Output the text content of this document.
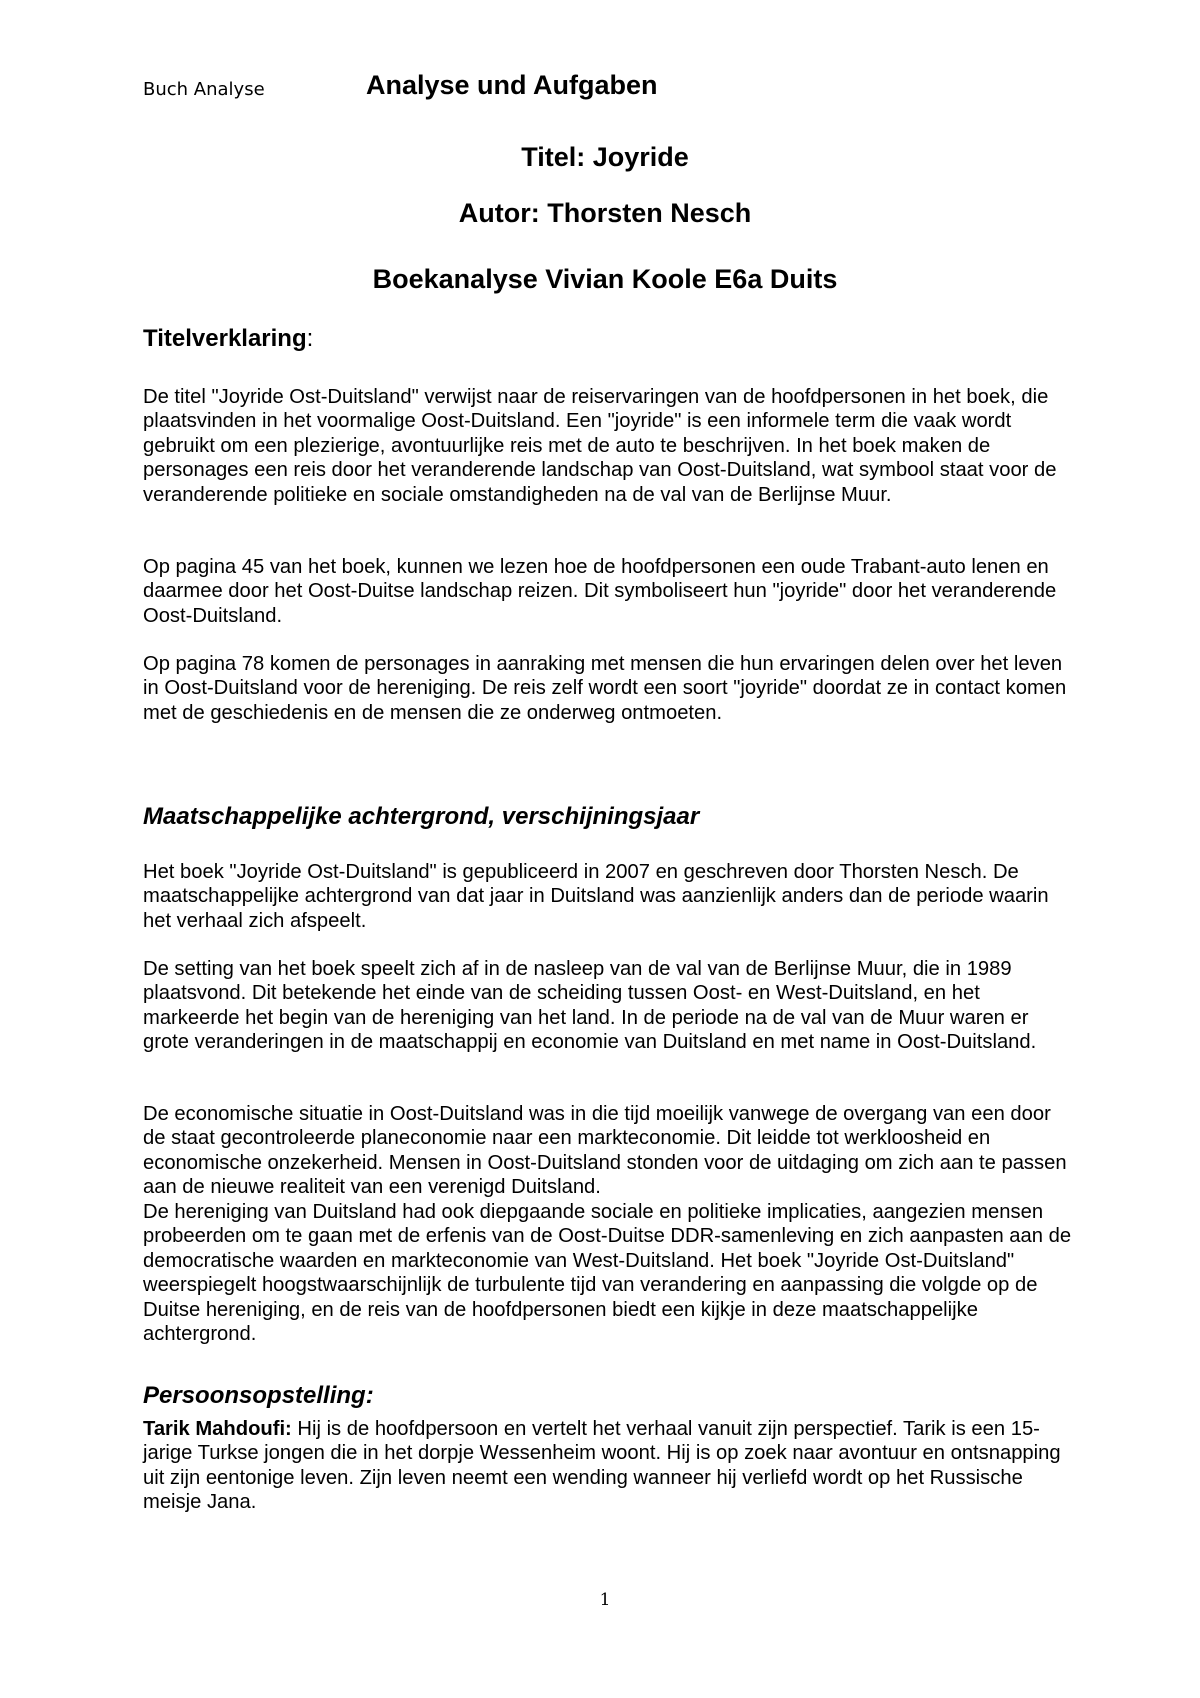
Buch Analyse	Analyse und Aufgaben
Titel: Joyride
Autor: Thorsten Nesch
Boekanalyse Vivian Koole E6a Duits
Titelverklaring:

De titel "Joyride Ost-Duitsland" verwijst naar de reiservaringen van de hoofdpersonen in het boek, die plaatsvinden in het voormalige Oost-Duitsland. Een "joyride" is een informele term die vaak wordt gebruikt om een plezierige, avontuurlijke reis met de auto te beschrijven. In het boek maken de personages een reis door het veranderende landschap van Oost-Duitsland, wat symbool staat voor de veranderende politieke en sociale omstandigheden na de val van de Berlijnse Muur.

Op pagina 45 van het boek, kunnen we lezen hoe de hoofdpersonen een oude Trabant-auto lenen en daarmee door het Oost-Duitse landschap reizen. Dit symboliseert hun "joyride" door het veranderende Oost-Duitsland.

Op pagina 78 komen de personages in aanraking met mensen die hun ervaringen delen over het leven in Oost-Duitsland voor de hereniging. De reis zelf wordt een soort "joyride" doordat ze in contact komen met de geschiedenis en de mensen die ze onderweg ontmoeten.

Maatschappelijke achtergrond, verschijningsjaar

Het boek "Joyride Ost-Duitsland" is gepubliceerd in 2007 en geschreven door Thorsten Nesch. De maatschappelijke achtergrond van dat jaar in Duitsland was aanzienlijk anders dan de periode waarin het verhaal zich afspeelt.

De setting van het boek speelt zich af in de nasleep van de val van de Berlijnse Muur, die in 1989 plaatsvond. Dit betekende het einde van de scheiding tussen Oost- en West-Duitsland, en het markeerde het begin van de hereniging van het land. In de periode na de val van de Muur waren er grote veranderingen in de maatschappij en economie van Duitsland en met name in Oost-Duitsland.

De economische situatie in Oost-Duitsland was in die tijd moeilijk vanwege de overgang van een door de staat gecontroleerde planeconomie naar een markteconomie. Dit leidde tot werkloosheid en economische onzekerheid. Mensen in Oost-Duitsland stonden voor de uitdaging om zich aan te passen aan de nieuwe realiteit van een verenigd Duitsland.

De hereniging van Duitsland had ook diepgaande sociale en politieke implicaties, aangezien mensen probeerden om te gaan met de erfenis van de Oost-Duitse DDR-samenleving en zich aanpasten aan de democratische waarden en markteconomie van West-Duitsland. Het boek "Joyride Ost-Duitsland" weerspiegelt hoogstwaarschijnlijk de turbulente tijd van verandering en aanpassing die volgde op de Duitse hereniging, en de reis van de hoofdpersonen biedt een kijkje in deze maatschappelijke achtergrond.

Persoonsopstelling:

Tarik Mahdoufi: Hij is de hoofdpersoon en vertelt het verhaal vanuit zijn perspectief. Tarik is een 15-jarige Turkse jongen die in het dorpje Wessenheim woont. Hij is op zoek naar avontuur en ontsnapping uit zijn eentonige leven. Zijn leven neemt een wending wanneer hij verliefd wordt op het Russische meisje Jana.

1
